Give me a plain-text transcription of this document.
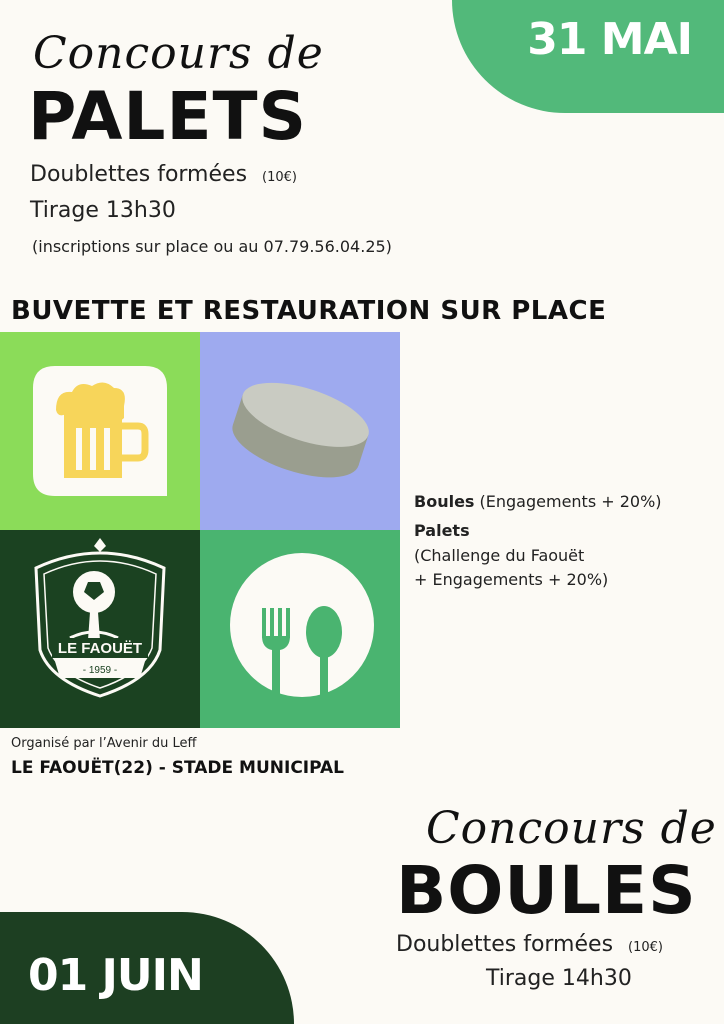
31 MAI
Concours de
PALETS
Doublettes formées (10€)
Tirage 13h30
(inscriptions sur place ou au 07.79.56.04.25)
BUVETTE ET RESTAURATION SUR PLACE
LE FAOUËT
- 1959 -
Boules (Engagements + 20%)
Palets
(Challenge du Faouët
+ Engagements + 20%)
Organisé par l’Avenir du Leff
LE FAOUËT(22) - STADE MUNICIPAL
Concours de
BOULES
Doublettes formées (10€)
Tirage 14h30
01 JUIN
